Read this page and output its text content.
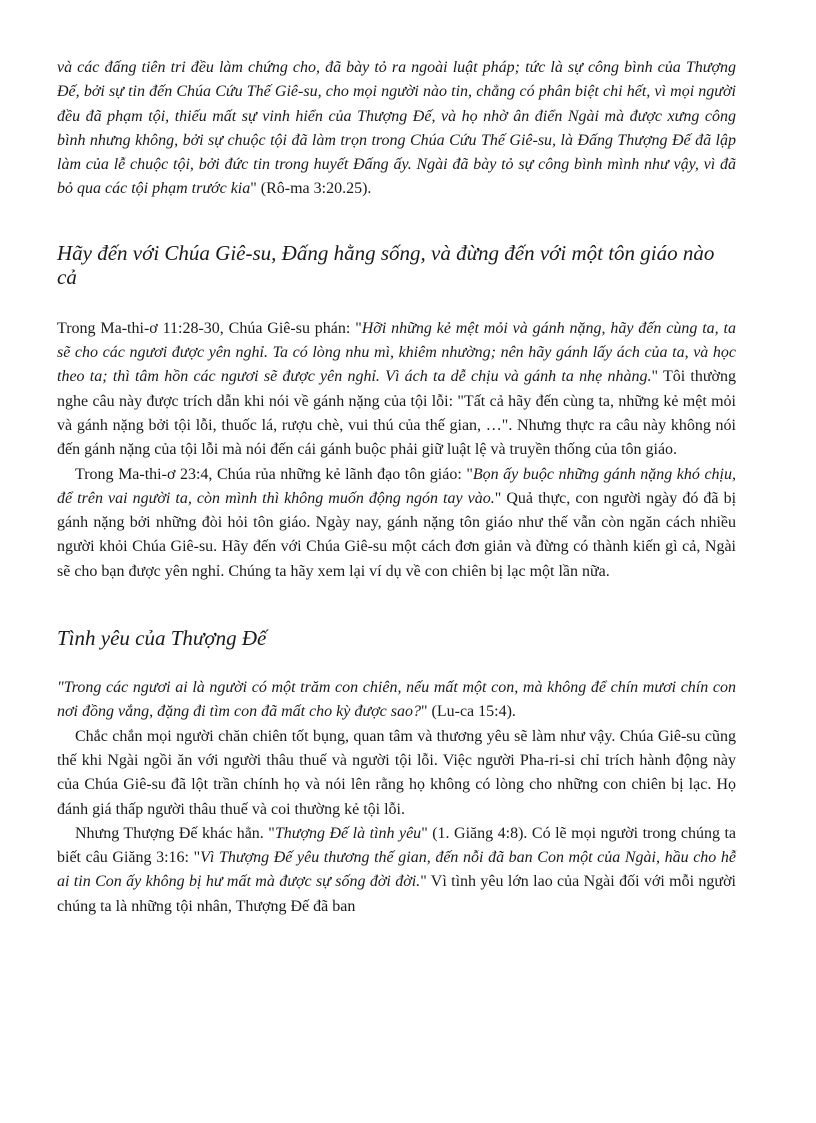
và các đấng tiên tri đều làm chứng cho, đã bày tỏ ra ngoài luật pháp; tức là sự công bình của Thượng Đế, bởi sự tin đến Chúa Cứu Thế Giê-su, cho mọi người nào tin, chẳng có phân biệt chi hết, vì mọi người đều đã phạm tội, thiếu mất sự vinh hiển của Thượng Đế, và họ nhờ ân điển Ngài mà được xưng công bình nhưng không, bởi sự chuộc tội đã làm trọn trong Chúa Cứu Thế Giê-su, là Đấng Thượng Đế đã lập làm của lễ chuộc tội, bởi đức tin trong huyết Đấng ấy. Ngài đã bày tỏ sự công bình mình như vậy, vì đã bỏ qua các tội phạm trước kia" (Rô-ma 3:20.25).

Hãy đến với Chúa Giê-su, Đấng hằng sống, và đừng đến với một tôn giáo nào cả

Trong Ma-thi-ơ 11:28-30, Chúa Giê-su phán: "Hỡi những kẻ mệt mỏi và gánh nặng, hãy đến cùng ta, ta sẽ cho các ngươi được yên nghỉ. Ta có lòng nhu mì, khiêm nhường; nên hãy gánh lấy ách của ta, và học theo ta; thì tâm hồn các ngươi sẽ được yên nghỉ. Vì ách ta dễ chịu và gánh ta nhẹ nhàng." Tôi thường nghe câu này được trích dẫn khi nói về gánh nặng của tội lỗi: "Tất cả hãy đến cùng ta, những kẻ mệt mỏi và gánh nặng bởi tội lỗi, thuốc lá, rượu chè, vui thú của thế gian, …". Nhưng thực ra câu này không nói đến gánh nặng của tội lỗi mà nói đến cái gánh buộc phải giữ luật lệ và truyền thống của tôn giáo.

Trong Ma-thi-ơ 23:4, Chúa rủa những kẻ lãnh đạo tôn giáo: "Bọn ấy buộc những gánh nặng khó chịu, để trên vai người ta, còn mình thì không muốn động ngón tay vào." Quả thực, con người ngày đó đã bị gánh nặng bởi những đòi hỏi tôn giáo. Ngày nay, gánh nặng tôn giáo như thế vẫn còn ngăn cách nhiều người khỏi Chúa Giê-su. Hãy đến với Chúa Giê-su một cách đơn giản và đừng có thành kiến gì cả, Ngài sẽ cho bạn được yên nghỉ. Chúng ta hãy xem lại ví dụ về con chiên bị lạc một lần nữa.

Tình yêu của Thượng Đế

"Trong các ngươi ai là người có một trăm con chiên, nếu mất một con, mà không để chín mươi chín con nơi đồng vắng, đặng đi tìm con đã mất cho kỳ được sao?" (Lu-ca 15:4).

Chắc chắn mọi người chăn chiên tốt bụng, quan tâm và thương yêu sẽ làm như vậy. Chúa Giê-su cũng thế khi Ngài ngồi ăn với người thâu thuế và người tội lỗi. Việc người Pha-ri-si chỉ trích hành động này của Chúa Giê-su đã lột trần chính họ và nói lên rằng họ không có lòng cho những con chiên bị lạc. Họ đánh giá thấp người thâu thuế và coi thường kẻ tội lỗi.

Nhưng Thượng Đế khác hẳn. "Thượng Đế là tình yêu" (1. Giăng 4:8). Có lẽ mọi người trong chúng ta biết câu Giăng 3:16: "Vì Thượng Đế yêu thương thế gian, đến nỗi đã ban Con một của Ngài, hầu cho hễ ai tin Con ấy không bị hư mất mà được sự sống đời đời." Vì tình yêu lớn lao của Ngài đối với mỗi người chúng ta là những tội nhân, Thượng Đế đã ban
